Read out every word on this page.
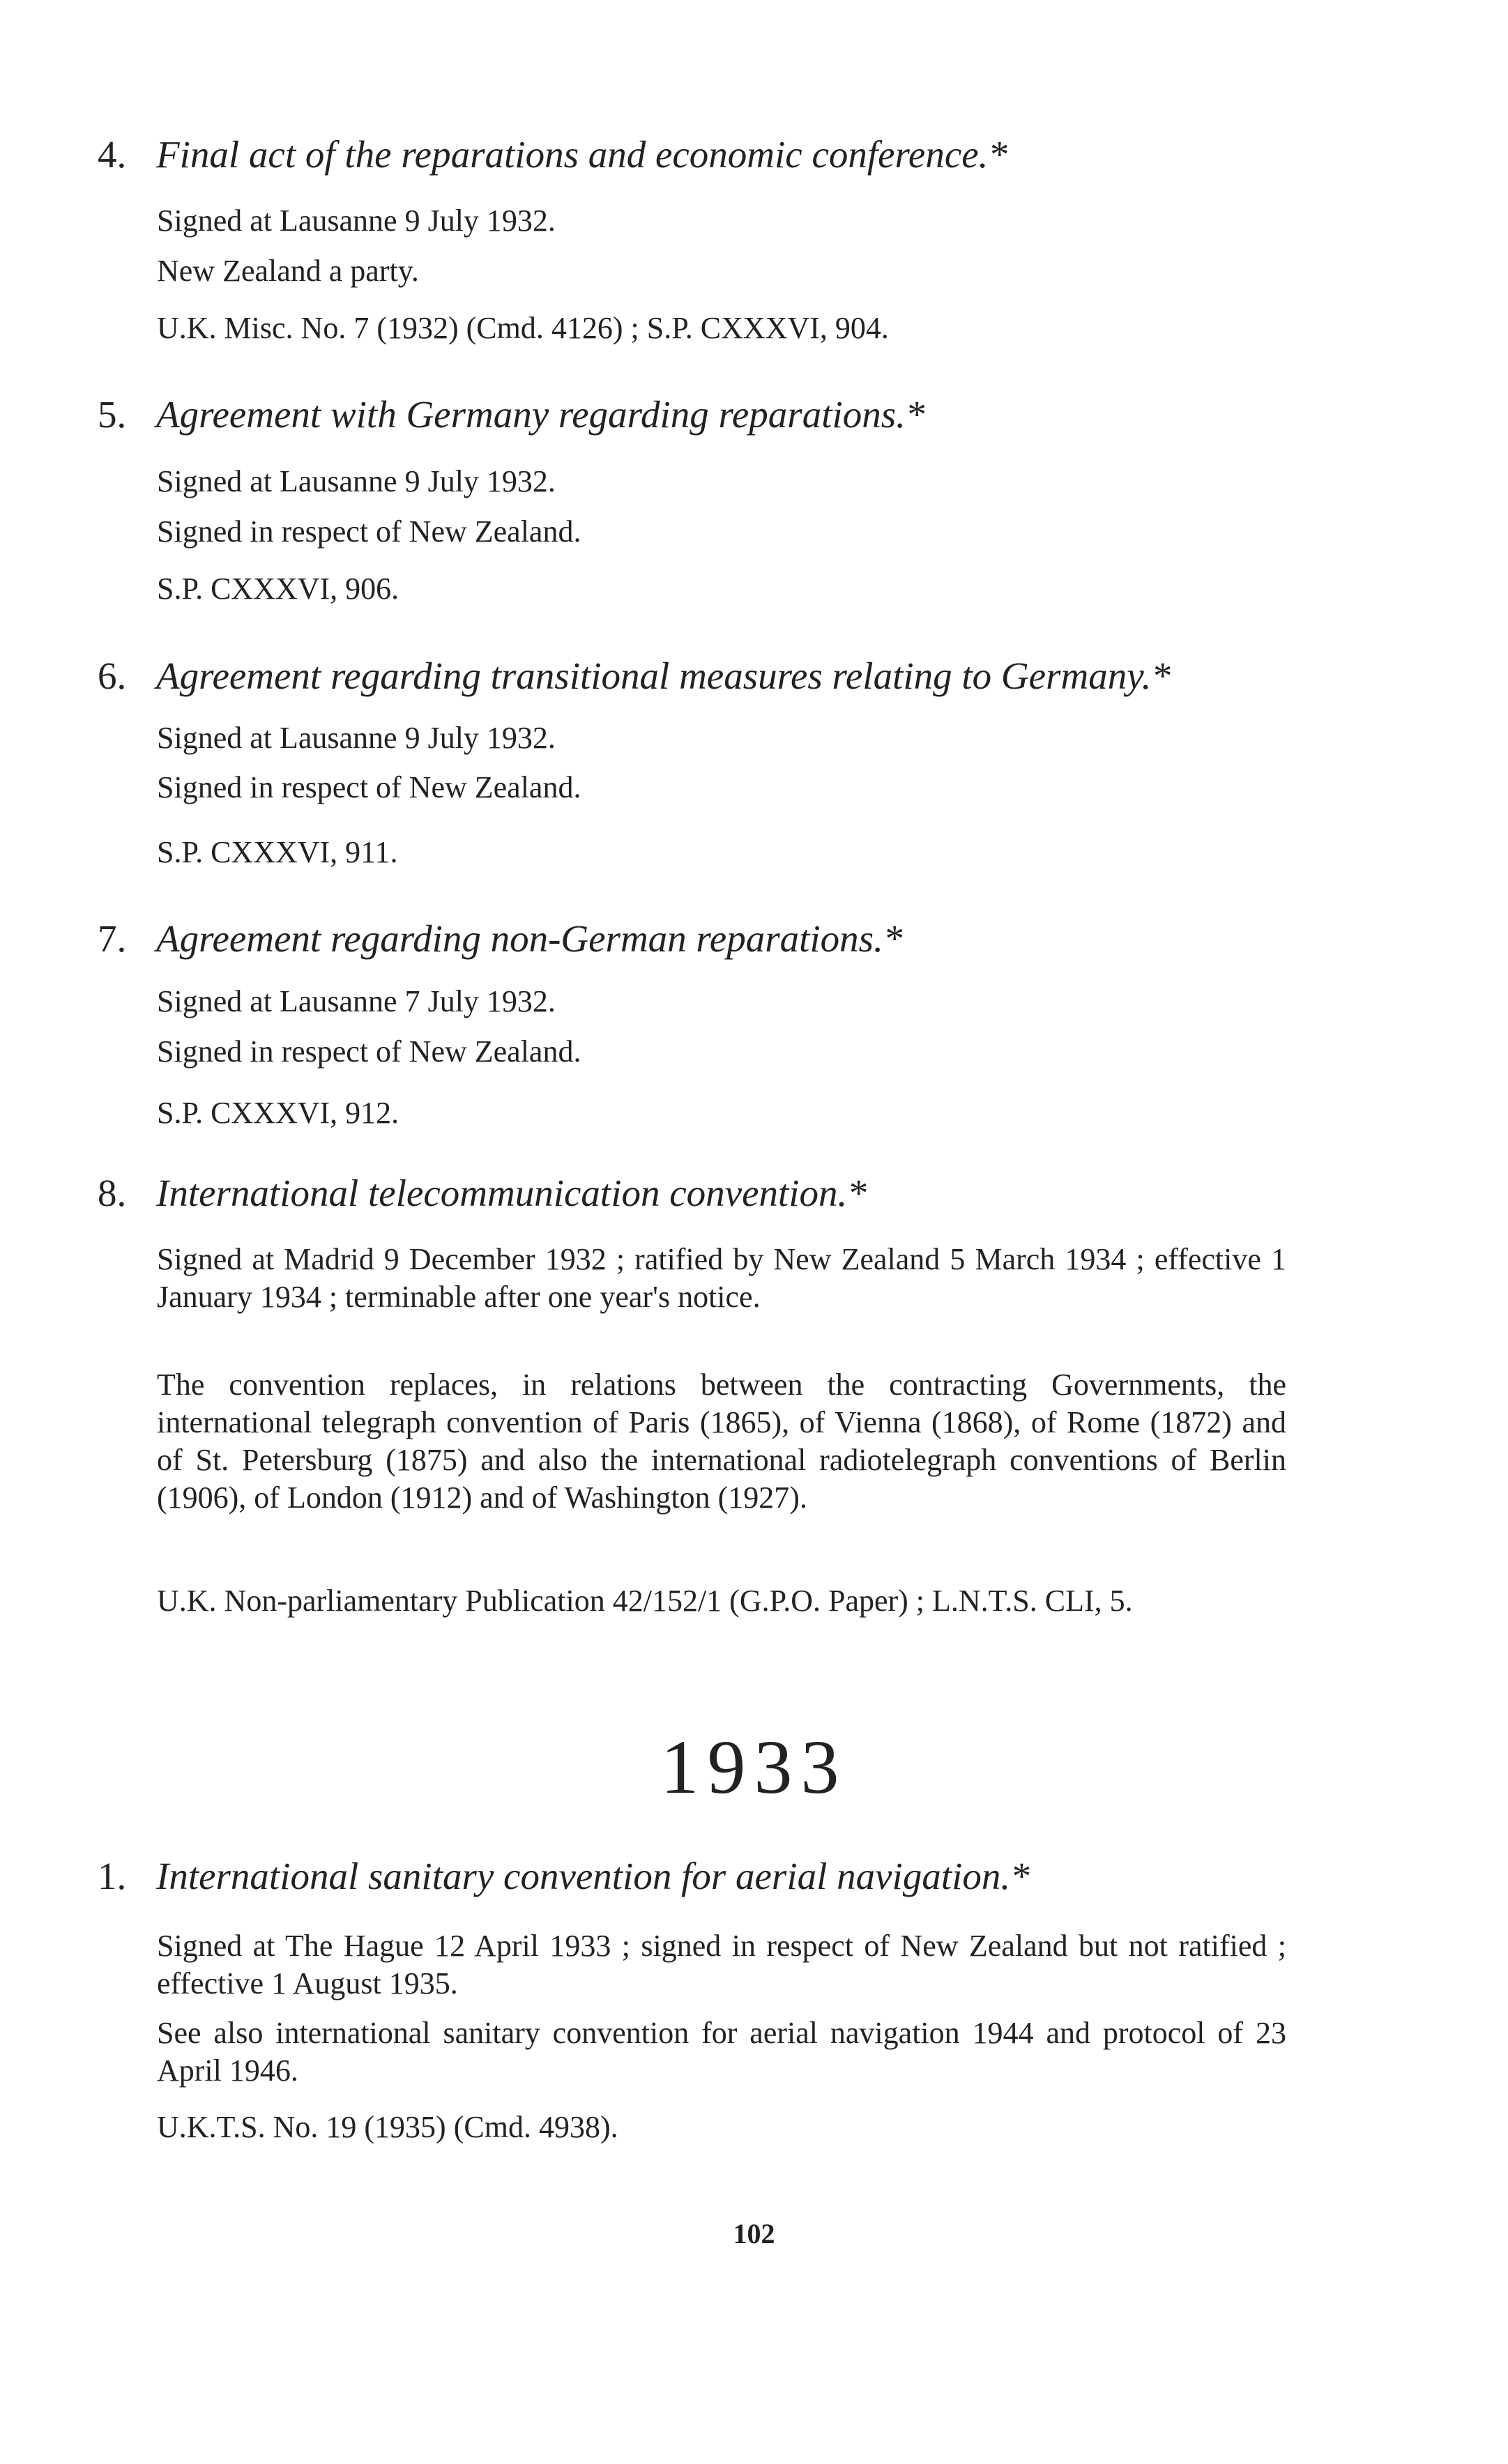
4. Final act of the reparations and economic conference.*
Signed at Lausanne 9 July 1932.
New Zealand a party.
U.K. Misc. No. 7 (1932) (Cmd. 4126) ; S.P. CXXXVI, 904.
5. Agreement with Germany regarding reparations.*
Signed at Lausanne 9 July 1932.
Signed in respect of New Zealand.
S.P. CXXXVI, 906.
6. Agreement regarding transitional measures relating to Germany.*
Signed at Lausanne 9 July 1932.
Signed in respect of New Zealand.
S.P. CXXXVI, 911.
7. Agreement regarding non-German reparations.*
Signed at Lausanne 7 July 1932.
Signed in respect of New Zealand.
S.P. CXXXVI, 912.
8. International telecommunication convention.*
Signed at Madrid 9 December 1932 ; ratified by New Zealand 5 March 1934 ; effective 1 January 1934 ; terminable after one year's notice.
The convention replaces, in relations between the contracting Governments, the international telegraph convention of Paris (1865), of Vienna (1868), of Rome (1872) and of St. Petersburg (1875) and also the international radiotelegraph conventions of Berlin (1906), of London (1912) and of Washington (1927).
U.K. Non-parliamentary Publication 42/152/1 (G.P.O. Paper) ; L.N.T.S. CLI, 5.
1933
1. International sanitary convention for aerial navigation.*
Signed at The Hague 12 April 1933 ; signed in respect of New Zealand but not ratified ; effective 1 August 1935.
See also international sanitary convention for aerial navigation 1944 and protocol of 23 April 1946.
U.K.T.S. No. 19 (1935) (Cmd. 4938).
102
